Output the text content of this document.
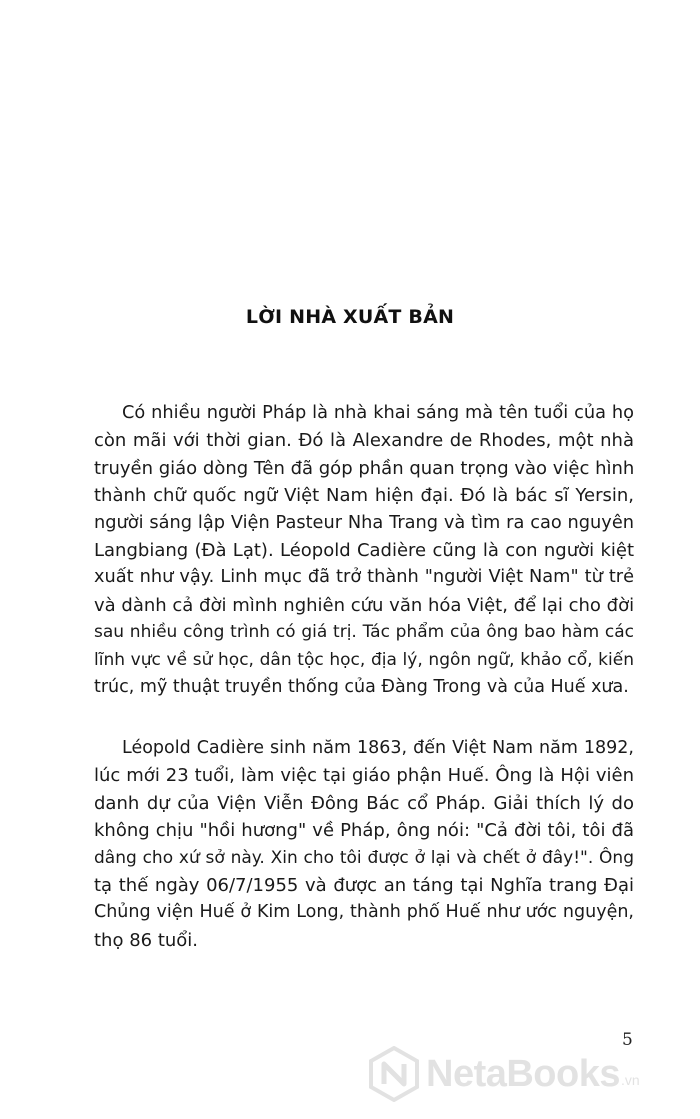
LỜI NHÀ XUẤT BẢN
Có nhiều người Pháp là nhà khai sáng mà tên tuổi của họ
còn mãi với thời gian. Đó là Alexandre de Rhodes, một nhà
truyền giáo dòng Tên đã góp phần quan trọng vào việc hình
thành chữ quốc ngữ Việt Nam hiện đại. Đó là bác sĩ Yersin,
người sáng lập Viện Pasteur Nha Trang và tìm ra cao nguyên
Langbiang (Đà Lạt). Léopold Cadière cũng là con người kiệt
xuất như vậy. Linh mục đã trở thành "người Việt Nam" từ trẻ
và dành cả đời mình nghiên cứu văn hóa Việt, để lại cho đời
sau nhiều công trình có giá trị. Tác phẩm của ông bao hàm các
lĩnh vực về sử học, dân tộc học, địa lý, ngôn ngữ, khảo cổ, kiến
trúc, mỹ thuật truyền thống của Đàng Trong và của Huế xưa.
Léopold Cadière sinh năm 1863, đến Việt Nam năm 1892,
lúc mới 23 tuổi, làm việc tại giáo phận Huế. Ông là Hội viên
danh dự của Viện Viễn Đông Bác cổ Pháp. Giải thích lý do
không chịu "hồi hương" về Pháp, ông nói: "Cả đời tôi, tôi đã
dâng cho xứ sở này. Xin cho tôi được ở lại và chết ở đây!". Ông
tạ thế ngày 06/7/1955 và được an táng tại Nghĩa trang Đại
Chủng viện Huế ở Kim Long, thành phố Huế như ước nguyện,
thọ 86 tuổi.
5
NetaBooks .vn
